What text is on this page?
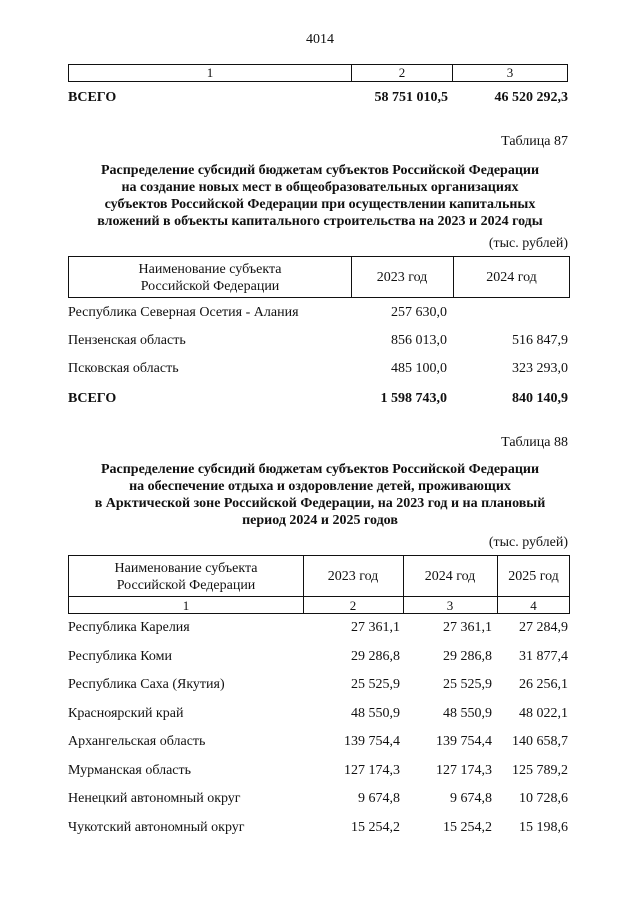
4014
1	2	3
ВСЕГО	58 751 010,5	46 520 292,3
Таблица 87
Распределение субсидий бюджетам субъектов Российской Федерации
на создание новых мест в общеобразовательных организациях
субъектов Российской Федерации при осуществлении капитальных
вложений в объекты капитального строительства на 2023 и 2024 годы
(тыс. рублей)
Наименование субъекта
Российской Федерации
2023 год	2024 год
Республика Северная Осетия - Алания	257 630,0
Пензенская область	856 013,0	516 847,9
Псковская область	485 100,0	323 293,0
ВСЕГО	1 598 743,0	840 140,9
Таблица 88
Распределение субсидий бюджетам субъектов Российской Федерации
на обеспечение отдыха и оздоровление детей, проживающих
в Арктической зоне Российской Федерации, на 2023 год и на плановый
период 2024 и 2025 годов
(тыс. рублей)
Наименование субъекта
Российской Федерации
2023 год	2024 год	2025 год
1	2	3	4
Республика Карелия	27 361,1	27 361,1	27 284,9
Республика Коми	29 286,8	29 286,8	31 877,4
Республика Саха (Якутия)	25 525,9	25 525,9	26 256,1
Красноярский край	48 550,9	48 550,9	48 022,1
Архангельская область	139 754,4	139 754,4	140 658,7
Мурманская область	127 174,3	127 174,3	125 789,2
Ненецкий автономный округ	9 674,8	9 674,8	10 728,6
Чукотский автономный округ	15 254,2	15 254,2	15 198,6
